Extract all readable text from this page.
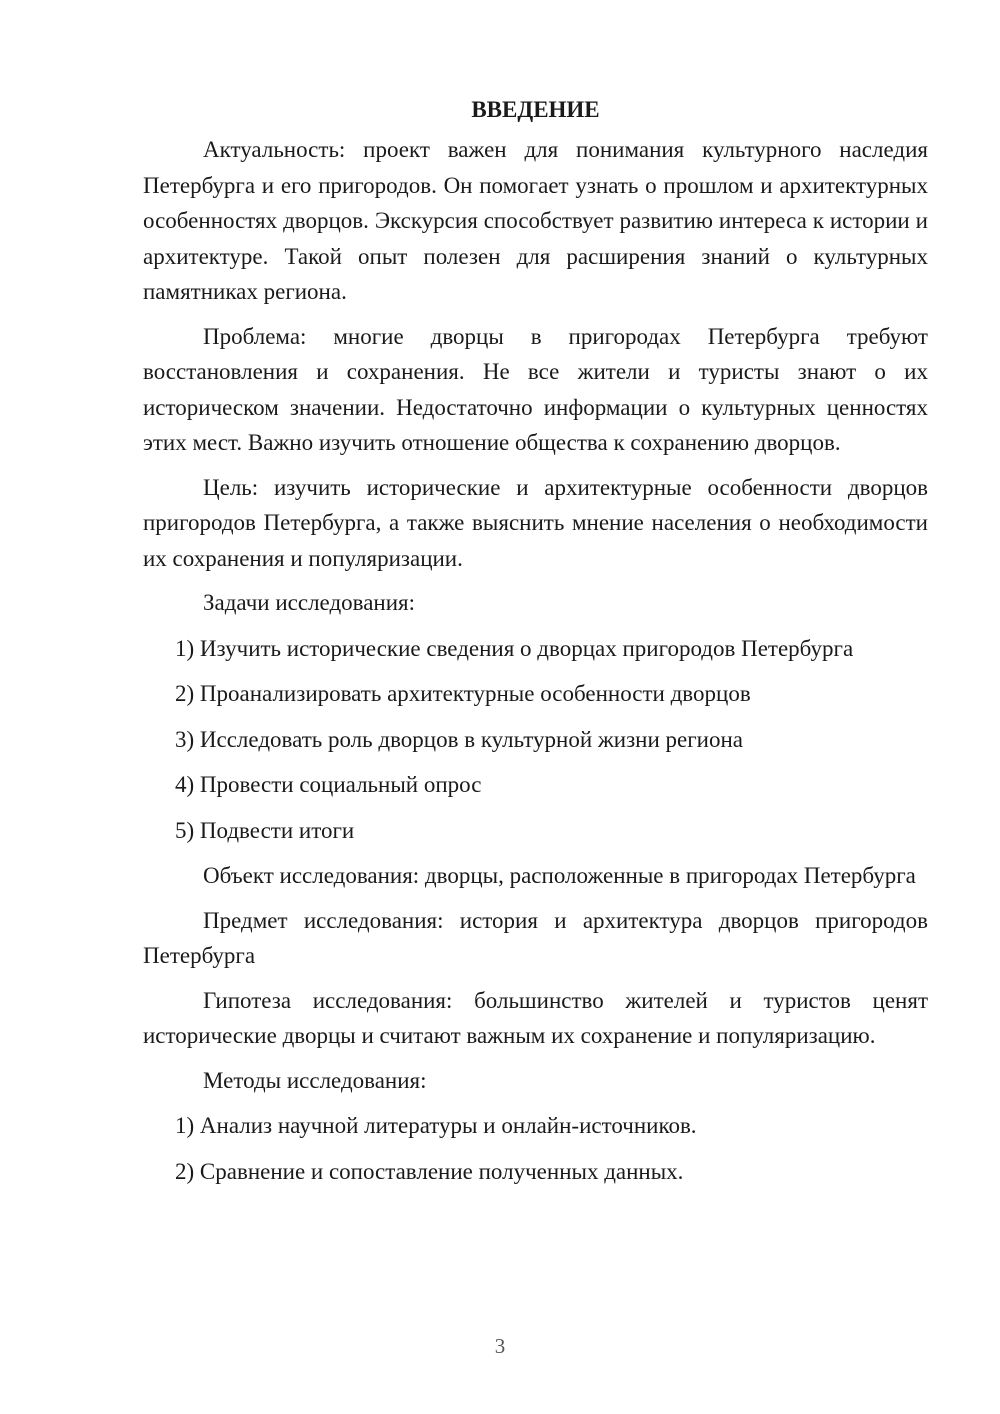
ВВЕДЕНИЕ

Актуальность: проект важен для понимания культурного наследия Петербурга и его пригородов. Он помогает узнать о прошлом и архитектурных особенностях дворцов. Экскурсия способствует развитию интереса к истории и архитектуре. Такой опыт полезен для расширения знаний о культурных памятниках региона.

Проблема: многие дворцы в пригородах Петербурга требуют восстановления и сохранения. Не все жители и туристы знают о их историческом значении. Недостаточно информации о культурных ценностях этих мест. Важно изучить отношение общества к сохранению дворцов.

Цель: изучить исторические и архитектурные особенности дворцов пригородов Петербурга, а также выяснить мнение населения о необходимости их сохранения и популяризации.

Задачи исследования:

1) Изучить исторические сведения о дворцах пригородов Петербурга

2) Проанализировать архитектурные особенности дворцов

3) Исследовать роль дворцов в культурной жизни региона

4) Провести социальный опрос

5) Подвести итоги

Объект исследования: дворцы, расположенные в пригородах Петербурга

Предмет исследования: история и архитектура дворцов пригородов Петербурга

Гипотеза исследования: большинство жителей и туристов ценят исторические дворцы и считают важным их сохранение и популяризацию.

Методы исследования:

1) Анализ научной литературы и онлайн-источников.

2) Сравнение и сопоставление полученных данных.

3
